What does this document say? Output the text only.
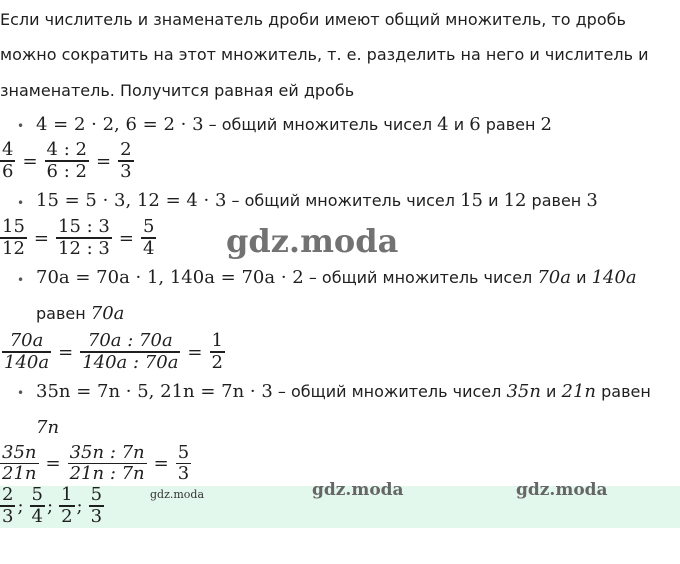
Если числитель и знаменатель дроби имеют общий множитель, то дробь
можно сократить на этот множитель, т. е. разделить на него и числитель и
знаменатель. Получится равная ей дробь
• 4 = 2 · 2, 6 = 2 · 3 – общий множитель чисел 4 и 6 равен 2
$\frac{4}{6} = \frac{4 : 2}{6 : 2} = \frac{2}{3}$
• 15 = 5 · 3, 12 = 4 · 3 – общий множитель чисел 15 и 12 равен 3
$\frac{15}{12} = \frac{15 : 3}{12 : 3} = \frac{5}{4}$ gdz.moda
• 70a = 70a · 1, 140a = 70a · 2 – общий множитель чисел 70a и 140a
равен 70a
$\frac{70a}{140a} = \frac{70a : 70a}{140a : 70a} = \frac{1}{2}$
• 35n = 7n · 5, 21n = 7n · 3 – общий множитель чисел 35n и 21n равен
7n
$\frac{35n}{21n} = \frac{35n : 7n}{21n : 7n} = \frac{5}{3}$
$\frac{2}{3}$ ; $\frac{5}{4}$ ; $\frac{1}{2}$ ; $\frac{5}{3}$	gdz.moda	gdz.moda	gdz.moda
